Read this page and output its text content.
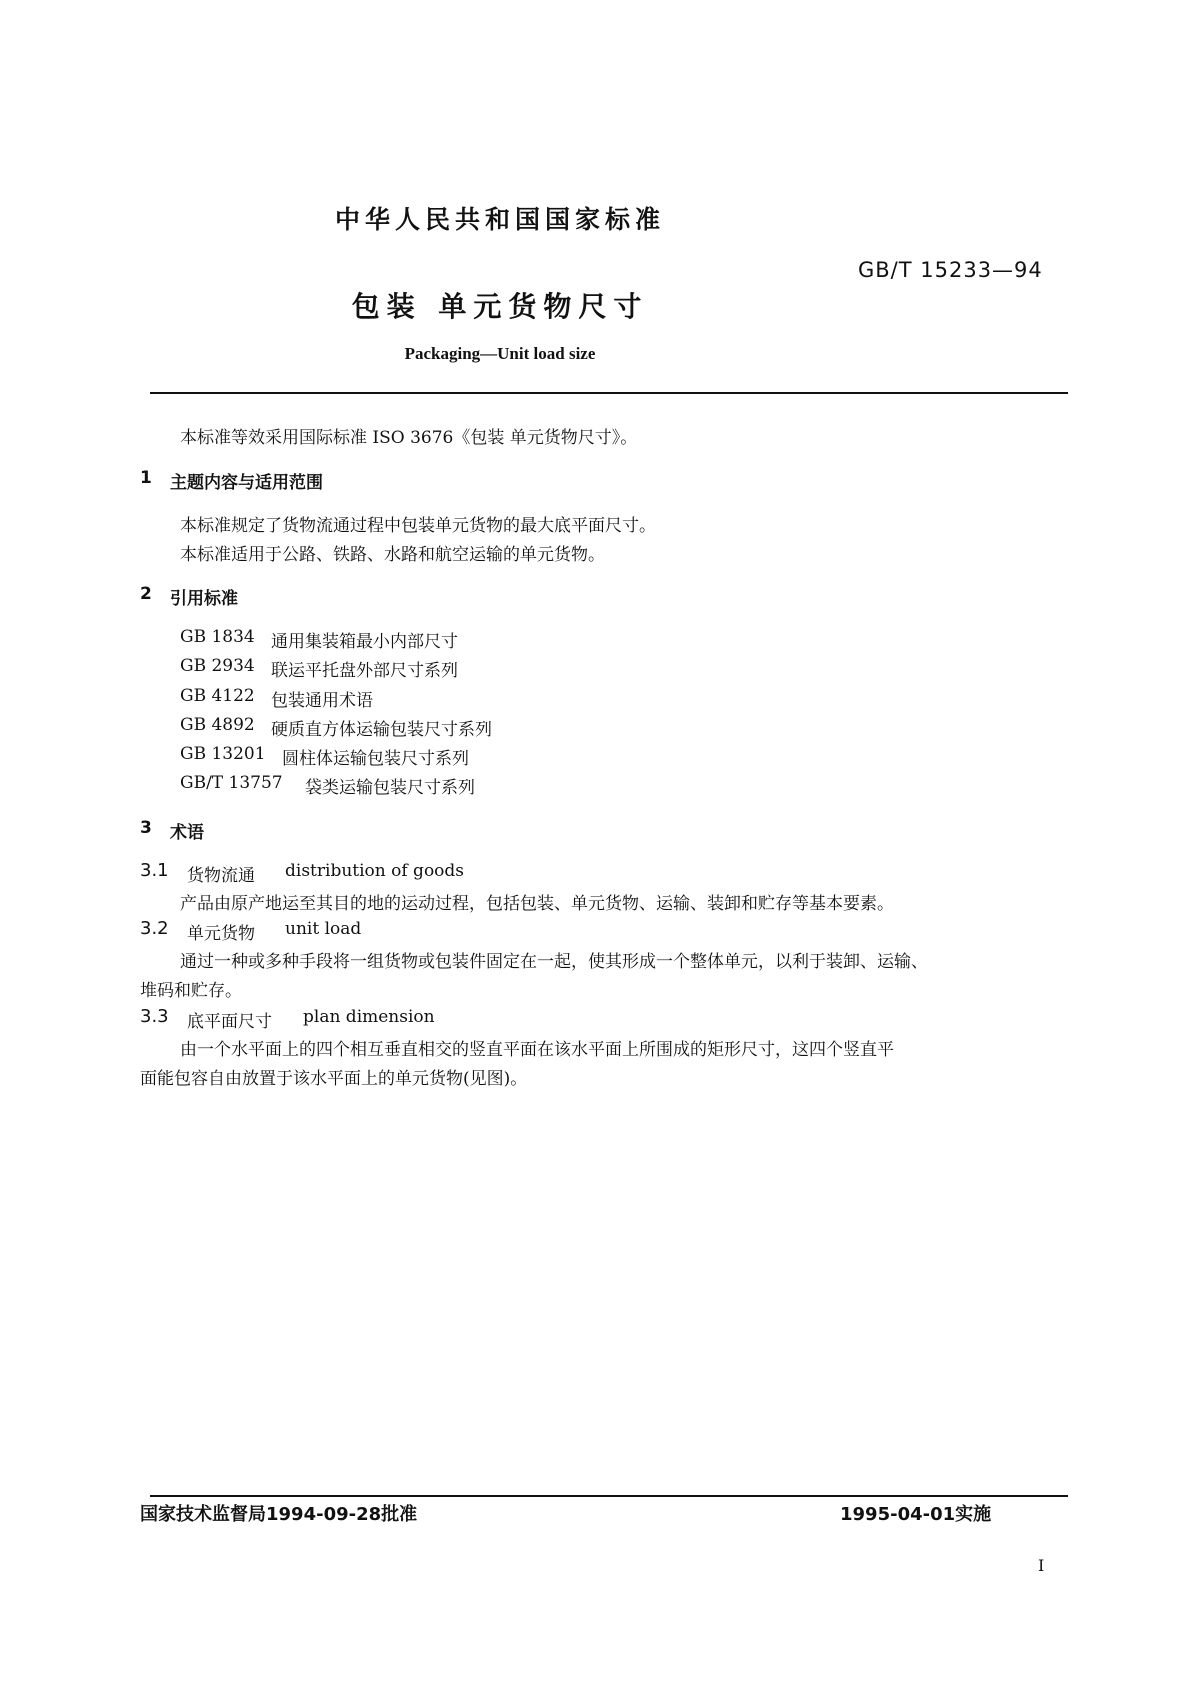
中华人民共和国国家标准
GB/T 15233—94
包装 单元货物尺寸
Packaging—Unit load size
本标准等效采用国际标准 ISO 3676《包装 单元货物尺寸》。
1 主题内容与适用范围
本标准规定了货物流通过程中包装单元货物的最大底平面尺寸。
本标准适用于公路、铁路、水路和航空运输的单元货物。
2 引用标准
GB 1834 通用集装箱最小内部尺寸
GB 2934 联运平托盘外部尺寸系列
GB 4122 包装通用术语
GB 4892 硬质直方体运输包装尺寸系列
GB 13201 圆柱体运输包装尺寸系列
GB/T 13757 袋类运输包装尺寸系列
3 术语
3.1 货物流通 distribution of goods
产品由原产地运至其目的地的运动过程，包括包装、单元货物、运输、装卸和贮存等基本要素。
3.2 单元货物 unit load
通过一种或多种手段将一组货物或包装件固定在一起，使其形成一个整体单元，以利于装卸、运输、
堆码和贮存。
3.3 底平面尺寸 plan dimension
由一个水平面上的四个相互垂直相交的竖直平面在该水平面上所围成的矩形尺寸，这四个竖直平
面能包容自由放置于该水平面上的单元货物(见图)。
国家技术监督局1994-09-28批准	1995-04-01实施
I
